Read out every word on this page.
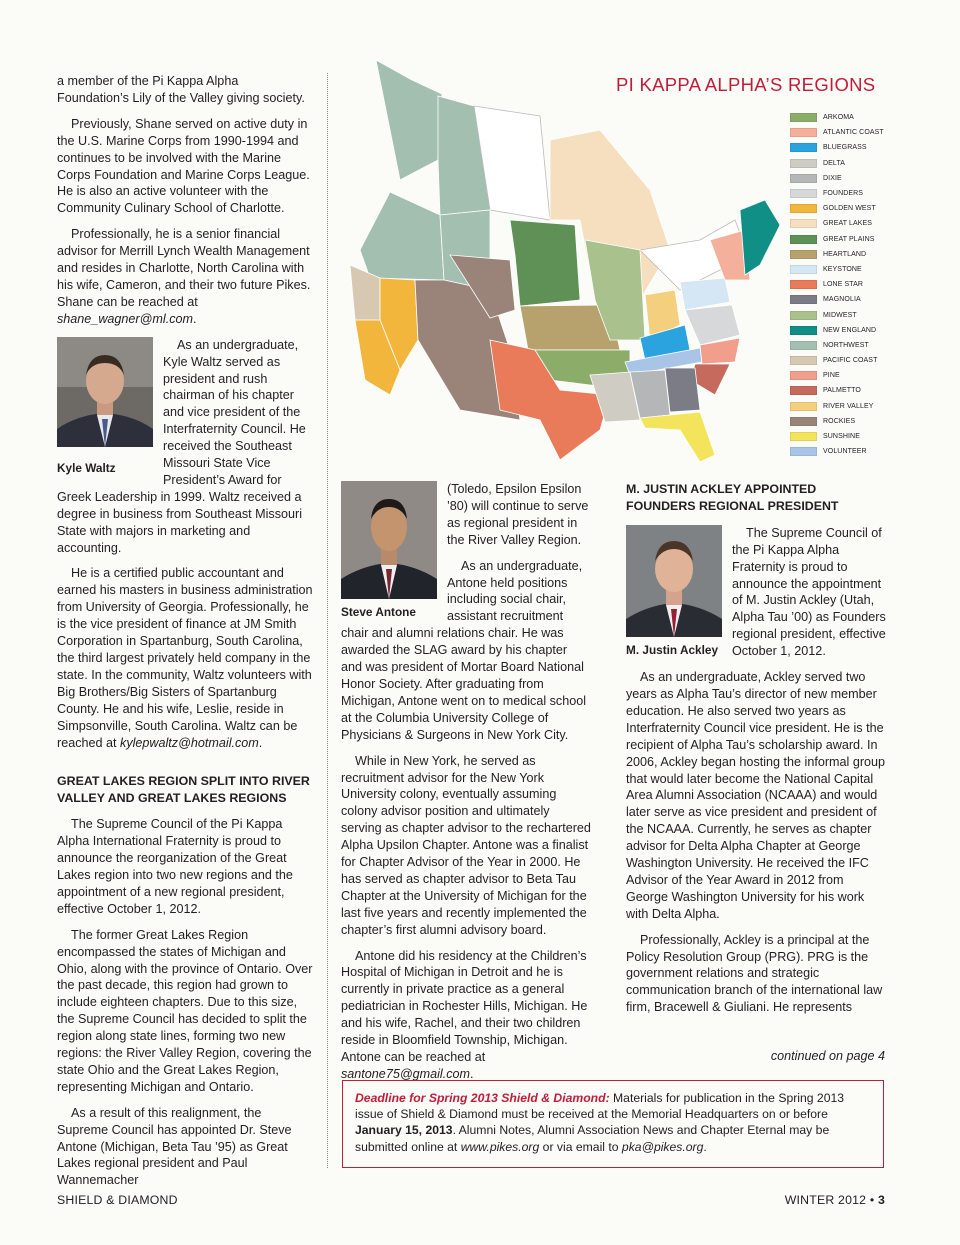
a member of the Pi Kappa Alpha Foundation’s Lily of the Valley giving society.

Previously, Shane served on active duty in the U.S. Marine Corps from 1990-1994 and continues to be involved with the Marine Corps Foundation and Marine Corps League. He is also an active volunteer with the Community Culinary School of Charlotte.

Professionally, he is a senior financial advisor for Merrill Lynch Wealth Management and resides in Charlotte, North Carolina with his wife, Cameron, and their two future Pikes. Shane can be reached at shane_wagner@ml.com.

Kyle Waltz

As an undergraduate, Kyle Waltz served as president and rush chairman of his chapter and vice president of the Interfraternity Council. He received the Southeast Missouri State Vice President’s Award for Greek Leadership in 1999. Waltz received a degree in business from Southeast Missouri State with majors in marketing and accounting.

He is a certified public accountant and earned his masters in business administration from University of Georgia. Professionally, he is the vice president of finance at JM Smith Corporation in Spartanburg, South Carolina, the third largest privately held company in the state. In the community, Waltz volunteers with Big Brothers/Big Sisters of Spartanburg County. He and his wife, Leslie, reside in Simpsonville, South Carolina. Waltz can be reached at kylepwaltz@hotmail.com.

GREAT LAKES REGION SPLIT INTO RIVER VALLEY AND GREAT LAKES REGIONS

The Supreme Council of the Pi Kappa Alpha International Fraternity is proud to announce the reorganization of the Great Lakes region into two new regions and the appointment of a new regional president, effective October 1, 2012.

The former Great Lakes Region encompassed the states of Michigan and Ohio, along with the province of Ontario. Over the past decade, this region had grown to include eighteen chapters. Due to this size, the Supreme Council has decided to split the region along state lines, forming two new regions: the River Valley Region, covering the state Ohio and the Great Lakes Region, representing Michigan and Ontario.

As a result of this realignment, the Supreme Council has appointed Dr. Steve Antone (Michigan, Beta Tau ’95) as Great Lakes regional president and Paul Wannemacher

PI KAPPA ALPHA’S REGIONS
ARKOMA
ATLANTIC COAST
BLUEGRASS
DELTA
DIXIE
FOUNDERS
GOLDEN WEST
GREAT LAKES
GREAT PLAINS
HEARTLAND
KEYSTONE
LONE STAR
MAGNOLIA
MIDWEST
NEW ENGLAND
NORTHWEST
PACIFIC COAST
PINE
PALMETTO
RIVER VALLEY
ROCKIES
SUNSHINE
VOLUNTEER
Steve Antone

(Toledo, Epsilon Epsilon ’80) will continue to serve as regional president in the River Valley Region.

As an undergraduate, Antone held positions including social chair, assistant recruitment chair and alumni relations chair. He was awarded the SLAG award by his chapter and was president of Mortar Board National Honor Society. After graduating from Michigan, Antone went on to medical school at the Columbia University College of Physicians & Surgeons in New York City.

While in New York, he served as recruitment advisor for the New York University colony, eventually assuming colony advisor position and ultimately serving as chapter advisor to the rechartered Alpha Upsilon Chapter. Antone was a finalist for Chapter Advisor of the Year in 2000. He has served as chapter advisor to Beta Tau Chapter at the University of Michigan for the last five years and recently implemented the chapter’s first alumni advisory board.

Antone did his residency at the Children’s Hospital of Michigan in Detroit and he is currently in private practice as a general pediatrician in Rochester Hills, Michigan. He and his wife, Rachel, and their two children reside in Bloomfield Township, Michigan. Antone can be reached at santone75@gmail.com.

M. JUSTIN ACKLEY APPOINTED FOUNDERS REGIONAL PRESIDENT
M. Justin Ackley

The Supreme Council of the Pi Kappa Alpha Fraternity is proud to announce the appointment of M. Justin Ackley (Utah, Alpha Tau ’00) as Founders regional president, effective October 1, 2012.

As an undergraduate, Ackley served two years as Alpha Tau’s director of new member education. He also served two years as Interfraternity Council vice president. He is the recipient of Alpha Tau’s scholarship award. In 2006, Ackley began hosting the informal group that would later become the National Capital Area Alumni Association (NCAAA) and would later serve as vice president and president of the NCAAA. Currently, he serves as chapter advisor for Delta Alpha Chapter at George Washington University. He received the IFC Advisor of the Year Award in 2012 from George Washington University for his work with Delta Alpha.

Professionally, Ackley is a principal at the Policy Resolution Group (PRG). PRG is the government relations and strategic communication branch of the international law firm, Bracewell & Giuliani. He represents

continued on page 4
Deadline for Spring 2013 Shield & Diamond: Materials for publication in the Spring 2013 issue of Shield & Diamond must be received at the Memorial Headquarters on or before January 15, 2013. Alumni Notes, Alumni Association News and Chapter Eternal may be submitted online at www.pikes.org or via email to pka@pikes.org.
SHIELD & DIAMOND	WINTER 2012 • 3
